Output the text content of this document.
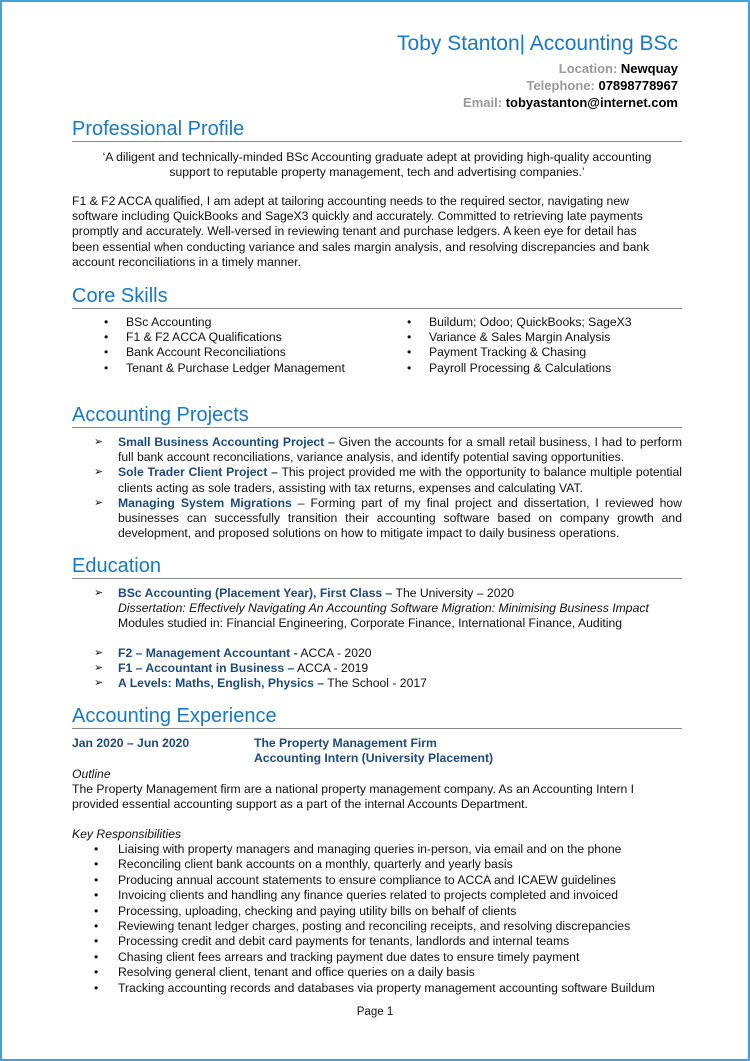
Toby Stanton| Accounting BSc
Location: Newquay
Telephone: 07898778967
Email: tobyastanton@internet.com
Professional Profile
‘A diligent and technically-minded BSc Accounting graduate adept at providing high-quality accounting
support to reputable property management, tech and advertising companies.’
F1 & F2 ACCA qualified, I am adept at tailoring accounting needs to the required sector, navigating new
software including QuickBooks and SageX3 quickly and accurately. Committed to retrieving late payments
promptly and accurately. Well-versed in reviewing tenant and purchase ledgers. A keen eye for detail has
been essential when conducting variance and sales margin analysis, and resolving discrepancies and bank
account reconciliations in a timely manner.
Core Skills
• BSc Accounting
• F1 & F2 ACCA Qualifications
• Bank Account Reconciliations
• Tenant & Purchase Ledger Management
• Buildum; Odoo; QuickBooks; SageX3
• Variance & Sales Margin Analysis
• Payment Tracking & Chasing
• Payroll Processing & Calculations
Accounting Projects
➢ Small Business Accounting Project – Given the accounts for a small retail business, I had to perform full bank account reconciliations, variance analysis, and identify potential saving opportunities.
➢ Sole Trader Client Project – This project provided me with the opportunity to balance multiple potential clients acting as sole traders, assisting with tax returns, expenses and calculating VAT.
➢ Managing System Migrations – Forming part of my final project and dissertation, I reviewed how businesses can successfully transition their accounting software based on company growth and development, and proposed solutions on how to mitigate impact to daily business operations.
Education
➢ BSc Accounting (Placement Year), First Class – The University – 2020
Dissertation: Effectively Navigating An Accounting Software Migration: Minimising Business Impact
Modules studied in: Financial Engineering, Corporate Finance, International Finance, Auditing
➢ F2 – Management Accountant - ACCA - 2020
➢ F1 – Accountant in Business – ACCA - 2019
➢ A Levels: Maths, English, Physics – The School - 2017
Accounting Experience
Jan 2020 – Jun 2020	The Property Management Firm
Accounting Intern (University Placement)
Outline
The Property Management firm are a national property management company. As an Accounting Intern I
provided essential accounting support as a part of the internal Accounts Department.
Key Responsibilities
• Liaising with property managers and managing queries in-person, via email and on the phone
• Reconciling client bank accounts on a monthly, quarterly and yearly basis
• Producing annual account statements to ensure compliance to ACCA and ICAEW guidelines
• Invoicing clients and handling any finance queries related to projects completed and invoiced
• Processing, uploading, checking and paying utility bills on behalf of clients
• Reviewing tenant ledger charges, posting and reconciling receipts, and resolving discrepancies
• Processing credit and debit card payments for tenants, landlords and internal teams
• Chasing client fees arrears and tracking payment due dates to ensure timely payment
• Resolving general client, tenant and office queries on a daily basis
• Tracking accounting records and databases via property management accounting software Buildum
Page 1
